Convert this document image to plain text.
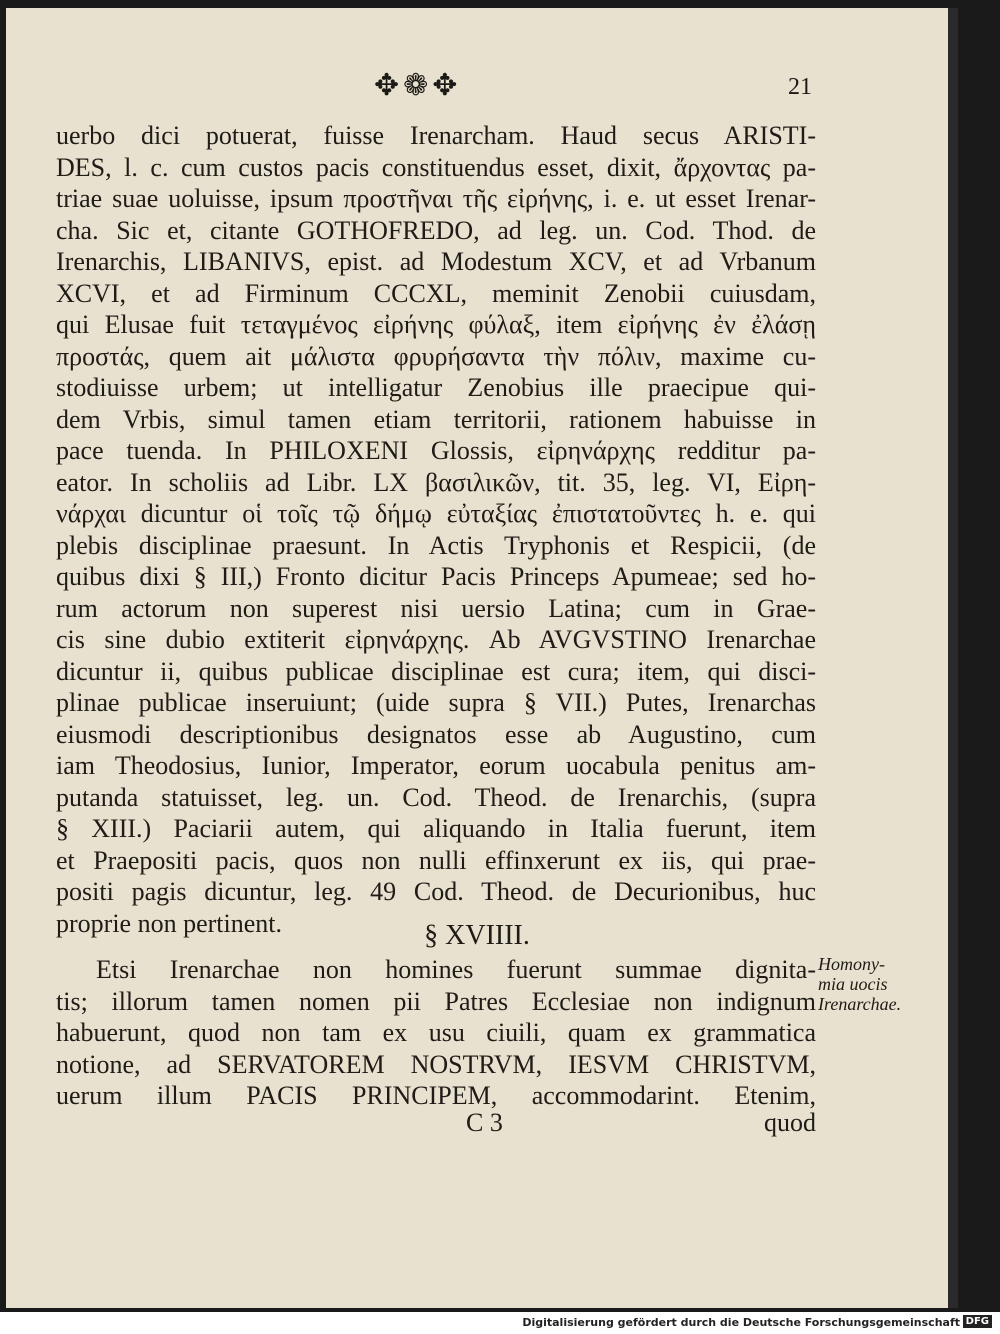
✥❁✥	21
uerbo dici potuerat, fuisse Irenarcham. Haud secus ARISTI-
DES, l. c. cum custos pacis constituendus esset, dixit, ἄρχοντας pa-
triae suae uoluisse, ipsum προστῆναι τῆς εἰρήνης, i. e. ut esset Irenar-
cha. Sic et, citante GOTHOFREDO, ad leg. un. Cod. Thod. de
Irenarchis, LIBANIVS, epist. ad Modestum XCV, et ad Vrbanum
XCVI, et ad Firminum CCCXL, meminit Zenobii cuiusdam,
qui Elusae fuit τεταγμένος εἰρήνης φύλαξ, item εἰρήνης ἐν ἐλάσῃ
προστάς, quem ait μάλιστα φρυρήσαντα τὴν πόλιν, maxime cu-
stodiuisse urbem; ut intelligatur Zenobius ille praecipue qui-
dem Vrbis, simul tamen etiam territorii, rationem habuisse in
pace tuenda. In PHILOXENI Glossis, εἰρηνάρχης redditur pa-
eator. In scholiis ad Libr. LX βασιλικῶν, tit. 35, leg. VI, Εἰρη-
νάρχαι dicuntur οἱ τοῖς τῷ δήμῳ εὐταξίας ἐπιστατοῦντες h. e. qui
plebis disciplinae praesunt. In Actis Tryphonis et Respicii, (de
quibus dixi § III,) Fronto dicitur Pacis Princeps Apumeae; sed ho-
rum actorum non superest nisi uersio Latina; cum in Grae-
cis sine dubio extiterit εἰρηνάρχης. Ab AVGVSTINO Irenarchae
dicuntur ii, quibus publicae disciplinae est cura; item, qui disci-
plinae publicae inseruiunt; (uide supra § VII.) Putes, Irenarchas
eiusmodi descriptionibus designatos esse ab Augustino, cum
iam Theodosius, Iunior, Imperator, eorum uocabula penitus am-
putanda statuisset, leg. un. Cod. Theod. de Irenarchis, (supra
§ XIII.) Paciarii autem, qui aliquando in Italia fuerunt, item
et Praepositi pacis, quos non nulli effinxerunt ex iis, qui prae-
positi pagis dicuntur, leg. 49 Cod. Theod. de Decurionibus, huc
proprie non pertinent.	§ XVIIII.
Etsi Irenarchae non homines fuerunt summae dignita-
tis; illorum tamen nomen pii Patres Ecclesiae non indignum
habuerunt, quod non tam ex usu ciuili, quam ex grammatica
notione, ad SERVATOREM NOSTRVM, IESVM CHRISTVM,
uerum illum PACIS PRINCIPEM, accommodarint. Etenim,
Homony-
mia uocis
Irenarchae.
C 3	quod
Digitalisierung gefördert durch die Deutsche Forschungsgemeinschaft DFG
